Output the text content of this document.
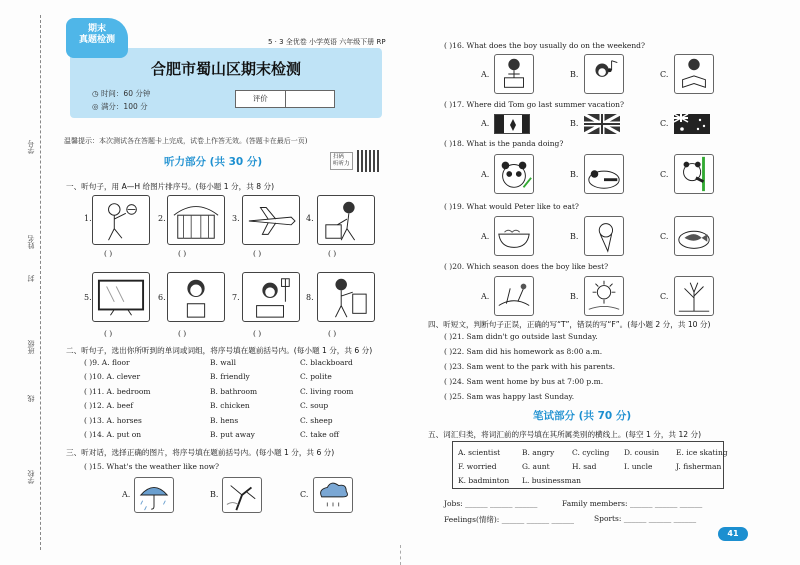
学号
姓名
封
班级
线
学校
期末
真题检测	5 · 3 全优卷 小学英语 六年级下册 RP
合肥市蜀山区期末检测
◷ 时间：60 分钟
◎ 满分：100 分
评价
温馨提示：本次测试各在答题卡上完成，试卷上作答无效。(答题卡在最后一页)
听力部分 (共 30 分)	扫码
听听力
一、听句子，用 A—H 给图片排序号。(每小题 1 分，共 8 分)
1.
( )
2.
( )
3.
( )
4.
( )
5.
( )
6.
( )
7.
( )
8.
( )
二、听句子，选出你所听到的单词或词组，将序号填在题前括号内。(每小题 1 分，共 6 分)
( )9. A. floor	B. wall	C. blackboard
( )10. A. clever	B. friendly	C. polite
( )11. A. bedroom	B. bathroom	C. living room
( )12. A. beef	B. chicken	C. soup
( )13. A. horses	B. hens	C. sheep
( )14. A. put on	B. put away	C. take off
三、听对话，选择正确的图片，将序号填在题前括号内。(每小题 1 分，共 6 分)
( )15. What's the weather like now?
A.	B.	C.
( )16. What does the boy usually do on the weekend?
A.	B.	C.
( )17. Where did Tom go last summer vacation?
A.	B.	C.
( )18. What is the panda doing?
A.	B.	C.
( )19. What would Peter like to eat?
A.	B.	C.
( )20. Which season does the boy like best?
A.	B.	C.
四、听短文，判断句子正误，正确的写“T”，错误的写“F”。(每小题 2 分，共 10 分)
( )21. Sam didn't go outside last Sunday.
( )22. Sam did his homework as 8:00 a.m.
( )23. Sam went to the park with his parents.
( )24. Sam went home by bus at 7:00 p.m.
( )25. Sam was happy last Sunday.
笔试部分 (共 70 分)
五、词汇归类，将词汇前的序号填在其所属类别的横线上。(每空 1 分，共 12 分)
A. scientist	B. angry C. cycling D. cousin E. ice skating
F. worried	G. aunt	H. sad	I. uncle	J. fisherman
K. badminton L. businessman
Jobs: ______ ______ ______	Family members: ______ ______ ______
Feelings(情绪): ______ ______ ______	Sports: ______ ______ ______
41
